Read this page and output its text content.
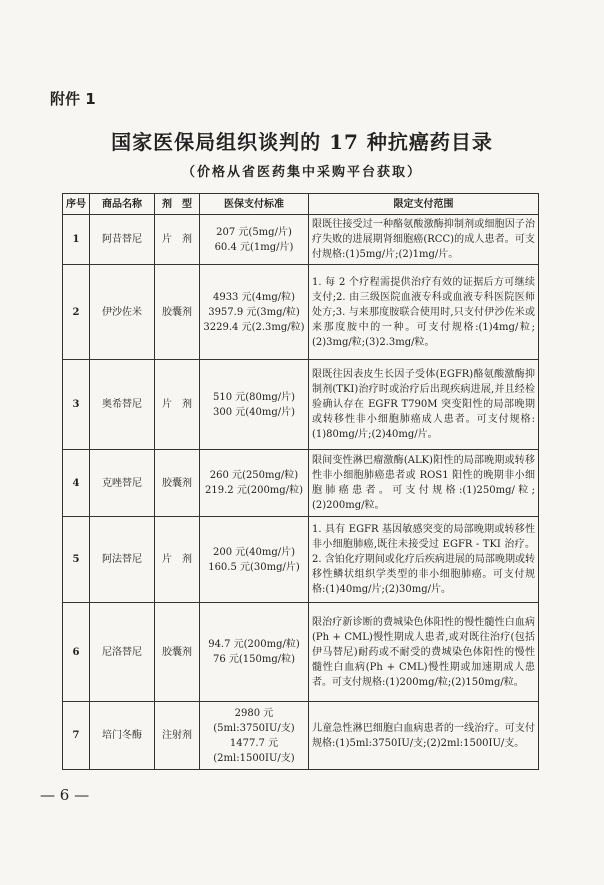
附件 1
国家医保局组织谈判的 17 种抗癌药目录
（价格从省医药集中采购平台获取）
序号	商品名称	剂　型	医保支付标准	限定支付范围
1	阿昔替尼	片　剂	207 元(5mg/片)
60.4 元(1mg/片)	限既往接受过一种酪氨酸激酶抑制剂或细胞因子治疗失败的进展期肾细胞癌(RCC)的成人患者。可支付规格:(1)5mg/片;(2)1mg/片。
2	伊沙佐米	胶囊剂	4933 元(4mg/粒)
3957.9 元(3mg/粒)
3229.4 元(2.3mg/粒)	1. 每 2 个疗程需提供治疗有效的证据后方可继续支付;2. 由三级医院血液专科或血液专科医院医师处方;3. 与来那度胺联合使用时,只支付伊沙佐米或来那度胺中的一种。可支付规格:(1)4mg/粒;(2)3mg/粒;(3)2.3mg/粒。
3	奥希替尼	片　剂	510 元(80mg/片)
300 元(40mg/片)	限既往因表皮生长因子受体(EGFR)酪氨酸激酶抑制剂(TKI)治疗时或治疗后出现疾病进展,并且经检验确认存在 EGFR T790M 突变阳性的局部晚期或转移性非小细胞肺癌成人患者。可支付规格:(1)80mg/片;(2)40mg/片。
4	克唑替尼	胶囊剂	260 元(250mg/粒)
219.2 元(200mg/粒)	限间变性淋巴瘤激酶(ALK)阳性的局部晚期或转移性非小细胞肺癌患者或 ROS1 阳性的晚期非小细胞肺癌患者。可支付规格:(1)250mg/粒;(2)200mg/粒。
5	阿法替尼	片　剂	200 元(40mg/片)
160.5 元(30mg/片)	1. 具有 EGFR 基因敏感突变的局部晚期或转移性非小细胞肺癌,既往未接受过 EGFR - TKI 治疗。2. 含铂化疗期间或化疗后疾病进展的局部晚期或转移性鳞状组织学类型的非小细胞肺癌。可支付规格:(1)40mg/片;(2)30mg/片。
6	尼洛替尼	胶囊剂	94.7 元(200mg/粒)
76 元(150mg/粒)	限治疗新诊断的费城染色体阳性的慢性髓性白血病(Ph + CML)慢性期成人患者,或对既往治疗(包括伊马替尼)耐药或不耐受的费城染色体阳性的慢性髓性白血病(Ph + CML)慢性期或加速期成人患者。可支付规格:(1)200mg/粒;(2)150mg/粒。
7	培门冬酶	注射剂	2980 元
(5ml:3750IU/支)
1477.7 元
(2ml:1500IU/支)	儿童急性淋巴细胞白血病患者的一线治疗。可支付规格:(1)5ml:3750IU/支;(2)2ml:1500IU/支。
— 6 —
